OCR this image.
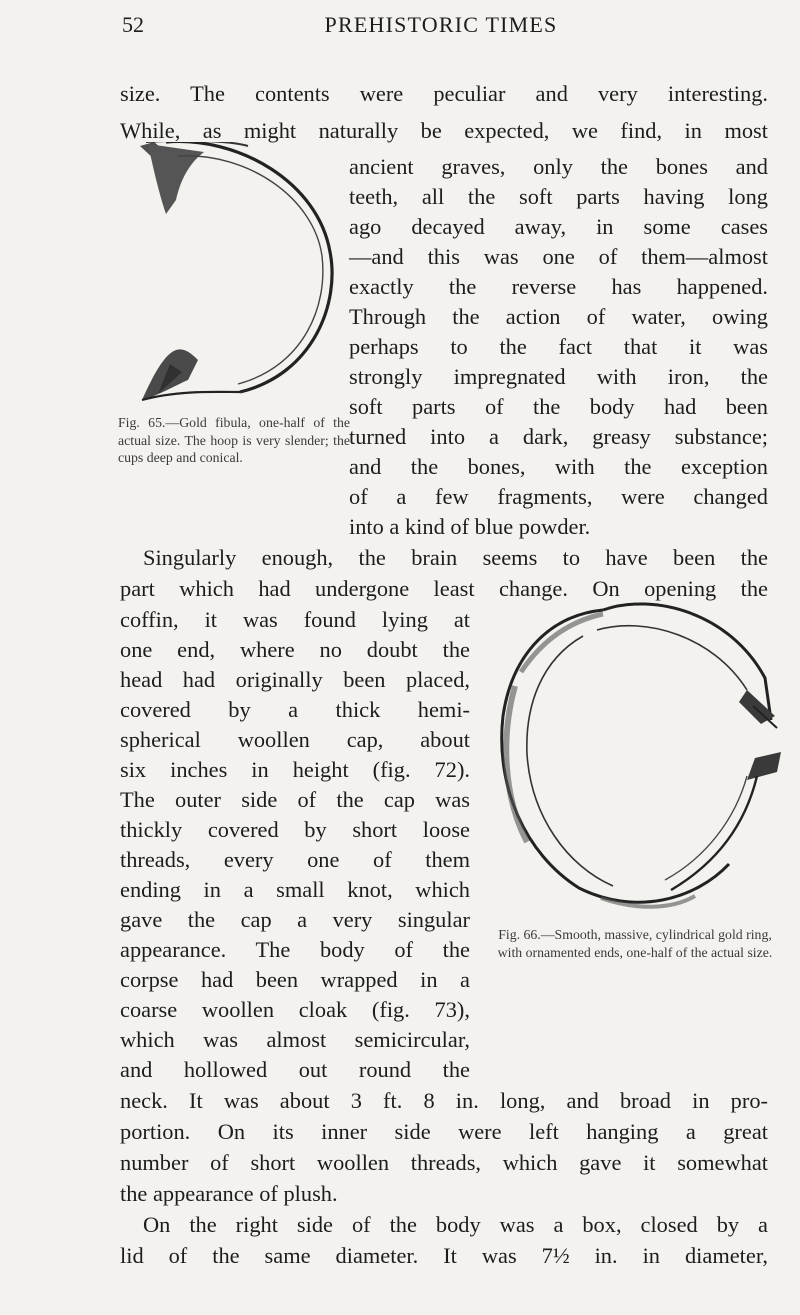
52	PREHISTORIC TIMES
Fig. 65.—Gold fibula, one-half of the actual size. The hoop is very slender; the cups deep and conical.
Fig. 66.—Smooth, massive, cylindrical gold ring, with ornamented ends, one-half of the actual size.
size. The contents were peculiar and very interesting.
While, as might naturally be expected, we find, in most
ancient graves, only the bones and
teeth, all the soft parts having long
ago decayed away, in some cases
—and this was one of them—almost
exactly the reverse has happened.
Through the action of water, owing
perhaps to the fact that it was
strongly impregnated with iron, the
soft parts of the body had been
turned into a dark, greasy substance;
and the bones, with the exception
of a few fragments, were changed
into a kind of blue powder.
Singularly enough, the brain seems to have been the
part which had undergone least change. On opening the
coffin, it was found lying at
one end, where no doubt the
head had originally been placed,
covered by a thick hemi-
spherical woollen cap, about
six inches in height (fig. 72).
The outer side of the cap was
thickly covered by short loose
threads, every one of them
ending in a small knot, which
gave the cap a very singular
appearance. The body of the
corpse had been wrapped in a
coarse woollen cloak (fig. 73),
which was almost semicircular,
and hollowed out round the
neck. It was about 3 ft. 8 in. long, and broad in pro-
portion. On its inner side were left hanging a great
number of short woollen threads, which gave it somewhat
the appearance of plush.
On the right side of the body was a box, closed by a
lid of the same diameter. It was 7½ in. in diameter,
